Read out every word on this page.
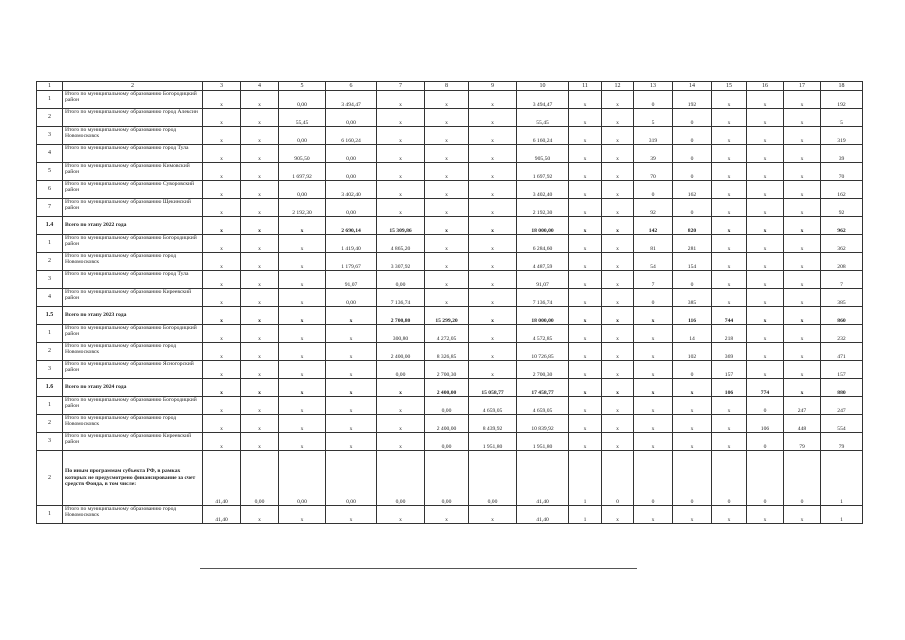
1	2	3	4	5	6	7	8	9	10	11	12	13	14	15	16	17	18
1	Итого по муниципальному образованию Богородицкий район	х	х	0,00	3 494,47	х	х	х	3 494,47	х	х	0	192	х	х	х	192
2	Итого по муниципальному образованию город Алексин	х	х	55,45	0,00	х	х	х	55,45	х	х	5	0	х	х	х	5
3	Итого по муниципальному образованию город Новомосковск	х	х	0,00	6 160,24	х	х	х	6 160,24	х	х	319	0	х	х	х	319
4	Итого по муниципальному образованию город Тула	х	х	905,50	0,00	х	х	х	905,50	х	х	39	0	х	х	х	39
5	Итого по муниципальному образованию Кимовский район	х	х	1 697,92	0,00	х	х	х	1 697,92	х	х	70	0	х	х	х	70
6	Итого по муниципальному образованию Суворовский район	х	х	0,00	3 402,40	х	х	х	3 402,40	х	х	0	162	х	х	х	162
7	Итого по муниципальному образованию Щекинский район	х	х	2 192,30	0,00	х	х	х	2 192,30	х	х	92	0	х	х	х	92
1.4	Всего по этапу 2022 года	х	х	х	2 690,14	15 309,86	х	х	18 000,00	х	х	142	820	х	х	х	962
1	Итого по муниципальному образованию Богородицкий район	х	х	х	1 419,40	4 865,20	х	х	6 284,60	х	х	81	281	х	х	х	362
2	Итого по муниципальному образованию город Новомосковск	х	х	х	1 179,67	3 307,92	х	х	4 487,59	х	х	54	154	х	х	х	208
3	Итого по муниципальному образованию город Тула	х	х	х	91,07	0,00	х	х	91,07	х	х	7	0	х	х	х	7
4	Итого по муниципальному образованию Киреевский район	х	х	х	0,00	7 136,74	х	х	7 136,74	х	х	0	385	х	х	х	385
1.5	Всего по этапу 2023 года	х	х	х	х	2 700,80	15 299,20	х	18 000,00	х	х	х	116	744	х	х	860
1	Итого по муниципальному образованию Богородицкий район	х	х	х	х	300,80	4 272,05	х	4 572,85	х	х	х	14	218	х	х	232
2	Итого по муниципальному образованию город Новомосковск	х	х	х	х	2 400,00	8 326,85	х	10 726,85	х	х	х	102	369	х	х	471
3	Итого по муниципальному образованию Ясногорский район	х	х	х	х	0,00	2 700,30	х	2 700,30	х	х	х	0	157	х	х	157
1.6	Всего по этапу 2024 года	х	х	х	х	х	2 400,00	15 058,77	17 458,77	х	х	х	х	106	774	х	880
1	Итого по муниципальному образованию Богородицкий район	х	х	х	х	х	0,00	4 659,05	4 659,05	х	х	х	х	х	0	247	247
2	Итого по муниципальному образованию город Новомосковск	х	х	х	х	х	2 400,00	8 439,92	10 839,92	х	х	х	х	х	106	448	554
3	Итого по муниципальному образованию Киреевский район	х	х	х	х	х	0,00	1 951,80	1 951,80	х	х	х	х	х	0	79	79
2	По иным программам субъекта РФ, в рамках которых не предусмотрено финансирование за счет средств Фонда, в том числе:	41,40	0,00	0,00	0,00	0,00	0,00	0,00	41,40	1	0	0	0	0	0	0	1
1	Итого по муниципальному образованию город Новомосковск	41,40	х	х	х	х	х	х	41,40	1	х	х	х	х	х	х	1
